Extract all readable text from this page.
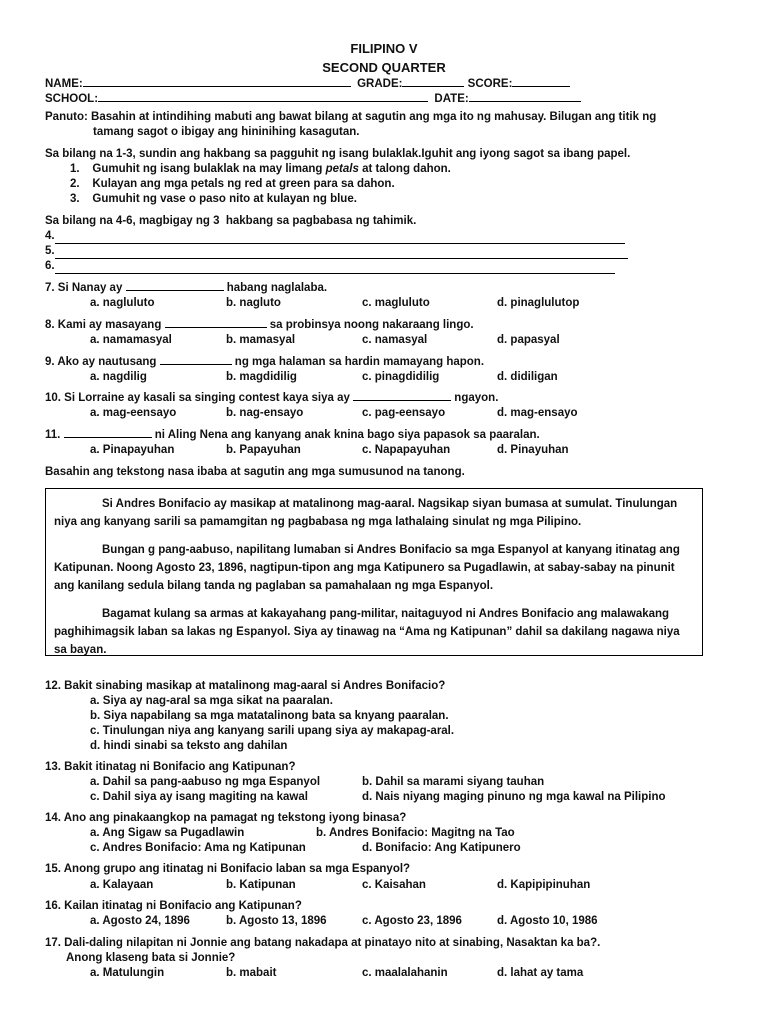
FILIPINO V
SECOND QUARTER
NAME:	GRADE:	SCORE:
SCHOOL:	DATE:
Panuto: Basahin at intindihing mabuti ang bawat bilang at sagutin ang mga ito ng mahusay. Bilugan ang titik ng
tamang sagot o ibigay ang hininihing kasagutan.
Sa bilang na 1-3, sundin ang hakbang sa pagguhit ng isang bulaklak.Iguhit ang iyong sagot sa ibang papel.
1. Gumuhit ng isang bulaklak na may limang petals at talong dahon.
2. Kulayan ang mga petals ng red at green para sa dahon.
3. Gumuhit ng vase o paso nito at kulayan ng blue.
Sa bilang na 4-6, magbigay ng 3  hakbang sa pagbabasa ng tahimik.
4.
5.
6.
7. Si Nanay ay	habang naglalaba.
a. nagluluto	b. nagluto	c. magluluto	d. pinaglulutop
8. Kami ay masayang	sa probinsya noong nakaraang lingo.
a. namamasyal	b. mamasyal	c. namasyal	d. papasyal
9. Ako ay nautusang	ng mga halaman sa hardin mamayang hapon.
a. nagdilig	b. magdidilig	c. pinagdidilig	d. didiligan
10. Si Lorraine ay kasali sa singing contest kaya siya ay	ngayon.
a. mag-eensayo	b. nag-ensayo	c. pag-eensayo	d. mag-ensayo
11.	ni Aling Nena ang kanyang anak knina bago siya papasok sa paaralan.
a. Pinapayuhan	b. Papayuhan	c. Napapayuhan	d. Pinayuhan
Basahin ang tekstong nasa ibaba at sagutin ang mga sumusunod na tanong.

Si Andres Bonifacio ay masikap at matalinong mag-aaral. Nagsikap siyan bumasa at sumulat. Tinulungan niya ang kanyang sarili sa pamamgitan ng pagbabasa ng mga lathalaing sinulat ng mga Pilipino.

Bungan g pang-aabuso, napilitang lumaban si Andres Bonifacio sa mga Espanyol at kanyang itinatag ang Katipunan. Noong Agosto 23, 1896, nagtipun-tipon ang mga Katipunero sa Pugadlawin, at sabay-sabay na pinunit ang kanilang sedula bilang tanda ng paglaban sa pamahalaan ng mga Espanyol.

Bagamat kulang sa armas at kakayahang pang-militar, naitaguyod ni Andres Bonifacio ang malawakang paghihimagsik laban sa lakas ng Espanyol. Siya ay tinawag na “Ama ng Katipunan” dahil sa dakilang nagawa niya sa bayan.

12. Bakit sinabing masikap at matalinong mag-aaral si Andres Bonifacio?
a. Siya ay nag-aral sa mga sikat na paaralan.
b. Siya napabilang sa mga matatalinong bata sa knyang paaralan.
c. Tinulungan niya ang kanyang sarili upang siya ay makapag-aral.
d. hindi sinabi sa teksto ang dahilan
13. Bakit itinatag ni Bonifacio ang Katipunan?
a. Dahil sa pang-aabuso ng mga Espanyol	b. Dahil sa marami siyang tauhan
c. Dahil siya ay isang magiting na kawal	d. Nais niyang maging pinuno ng mga kawal na Pilipino
14. Ano ang pinakaangkop na pamagat ng tekstong iyong binasa?
a. Ang Sigaw sa Pugadlawin	b. Andres Bonifacio: Magitng na Tao
c. Andres Bonifacio: Ama ng Katipunan	d. Bonifacio: Ang Katipunero
15. Anong grupo ang itinatag ni Bonifacio laban sa mga Espanyol?
a. Kalayaan	b. Katipunan	c. Kaisahan	d. Kapipipinuhan
16. Kailan itinatag ni Bonifacio ang Katipunan?
a. Agosto 24, 1896	b. Agosto 13, 1896	c. Agosto 23, 1896	d. Agosto 10, 1986
17. Dali-daling nilapitan ni Jonnie ang batang nakadapa at pinatayo nito at sinabing, Nasaktan ka ba?.
Anong klaseng bata si Jonnie?
a. Matulungin	b. mabait	c. maalalahanin	d. lahat ay tama
